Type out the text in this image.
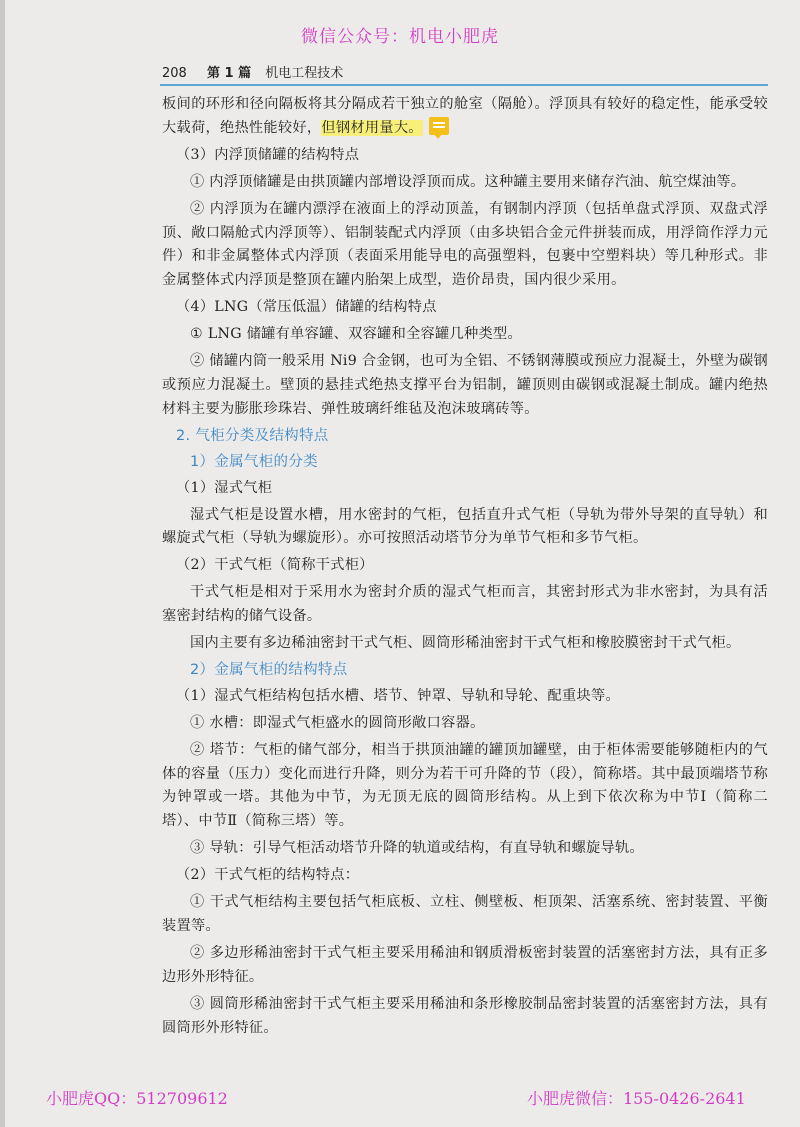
微信公众号：机电小肥虎
208 第 1 篇 机电工程技术

板间的环形和径向隔板将其分隔成若干独立的舱室（隔舱）。浮顶具有较好的稳定性，能承受较大载荷，绝热性能较好，但钢材用量大。

（3）内浮顶储罐的结构特点

① 内浮顶储罐是由拱顶罐内部增设浮顶而成。这种罐主要用来储存汽油、航空煤油等。

② 内浮顶为在罐内漂浮在液面上的浮动顶盖，有钢制内浮顶（包括单盘式浮顶、双盘式浮顶、敞口隔舱式内浮顶等）、铝制装配式内浮顶（由多块铝合金元件拼装而成，用浮筒作浮力元件）和非金属整体式内浮顶（表面采用能导电的高强塑料，包裹中空塑料块）等几种形式。非金属整体式内浮顶是整顶在罐内胎架上成型，造价昂贵，国内很少采用。

（4）LNG（常压低温）储罐的结构特点

① LNG 储罐有单容罐、双容罐和全容罐几种类型。

② 储罐内筒一般采用 Ni9 合金钢，也可为全铝、不锈钢薄膜或预应力混凝土，外壁为碳钢或预应力混凝土。壁顶的悬挂式绝热支撑平台为铝制，罐顶则由碳钢或混凝土制成。罐内绝热材料主要为膨胀珍珠岩、弹性玻璃纤维毡及泡沫玻璃砖等。

2. 气柜分类及结构特点
1）金属气柜的分类

（1）湿式气柜

湿式气柜是设置水槽，用水密封的气柜，包括直升式气柜（导轨为带外导架的直导轨）和螺旋式气柜（导轨为螺旋形）。亦可按照活动塔节分为单节气柜和多节气柜。

（2）干式气柜（简称干式柜）

干式气柜是相对于采用水为密封介质的湿式气柜而言，其密封形式为非水密封，为具有活塞密封结构的储气设备。

国内主要有多边稀油密封干式气柜、圆筒形稀油密封干式气柜和橡胶膜密封干式气柜。

2）金属气柜的结构特点

（1）湿式气柜结构包括水槽、塔节、钟罩、导轨和导轮、配重块等。

① 水槽：即湿式气柜盛水的圆筒形敞口容器。

② 塔节：气柜的储气部分，相当于拱顶油罐的罐顶加罐壁，由于柜体需要能够随柜内的气体的容量（压力）变化而进行升降，则分为若干可升降的节（段），简称塔。其中最顶端塔节称为钟罩或一塔。其他为中节，为无顶无底的圆筒形结构。从上到下依次称为中节Ⅰ（简称二塔）、中节Ⅱ（简称三塔）等。

③ 导轨：引导气柜活动塔节升降的轨道或结构，有直导轨和螺旋导轨。

（2）干式气柜的结构特点：

① 干式气柜结构主要包括气柜底板、立柱、侧壁板、柜顶架、活塞系统、密封装置、平衡装置等。

② 多边形稀油密封干式气柜主要采用稀油和钢质滑板密封装置的活塞密封方法，具有正多边形外形特征。

③ 圆筒形稀油密封干式气柜主要采用稀油和条形橡胶制品密封装置的活塞密封方法，具有圆筒形外形特征。

小肥虎QQ：512709612	小肥虎微信：155-0426-2641
